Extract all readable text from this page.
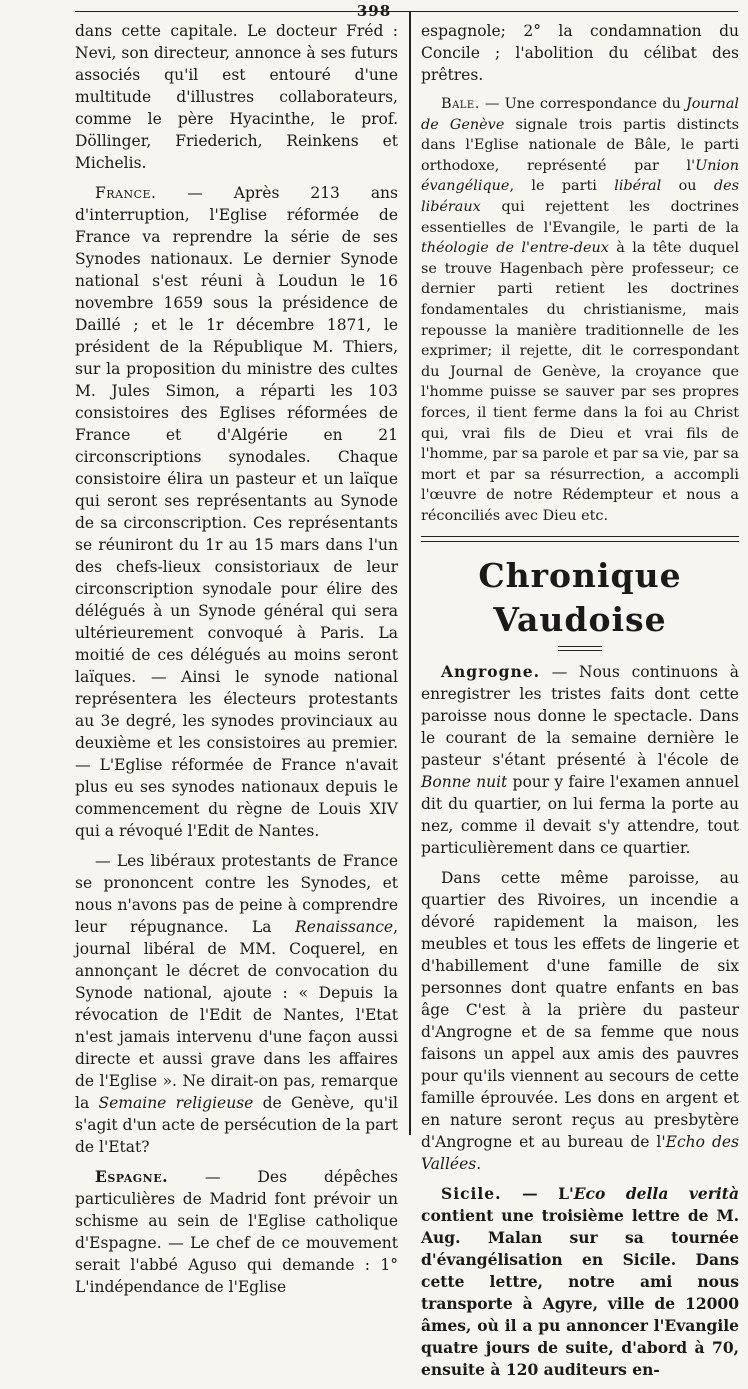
398

dans cette capitale. Le docteur Fréd : Nevi, son directeur, annonce à ses futurs associés qu'il est entouré d'une multitude d'illustres collaborateurs, comme le père Hyacinthe, le prof. Döllinger, Friederich, Reinkens et Michelis.

France. — Après 213 ans d'interruption, l'Eglise réformée de France va reprendre la série de ses Synodes nationaux. Le dernier Synode national s'est réuni à Loudun le 16 novembre 1659 sous la présidence de Daillé ; et le 1r décembre 1871, le président de la République M. Thiers, sur la proposition du ministre des cultes M. Jules Simon, a réparti les 103 consistoires des Eglises réformées de France et d'Algérie en 21 circonscriptions synodales. Chaque consistoire élira un pasteur et un laïque qui seront ses représentants au Synode de sa circonscription. Ces représentants se réuniront du 1r au 15 mars dans l'un des chefs-lieux consistoriaux de leur circonscription synodale pour élire des délégués à un Synode général qui sera ultérieurement convoqué à Paris. La moitié de ces délégués au moins seront laïques. — Ainsi le synode national représentera les électeurs protestants au 3e degré, les synodes provinciaux au deuxième et les consistoires au premier. — L'Eglise réformée de France n'avait plus eu ses synodes nationaux depuis le commencement du règne de Louis XIV qui a révoqué l'Edit de Nantes.

— Les libéraux protestants de France se prononcent contre les Synodes, et nous n'avons pas de peine à comprendre leur répugnance. La Renaissance, journal libéral de MM. Coquerel, en annonçant le décret de convocation du Synode national, ajoute : « Depuis la révocation de l'Edit de Nantes, l'Etat n'est jamais intervenu d'une façon aussi directe et aussi grave dans les affaires de l'Eglise ». Ne dirait-on pas, remarque la Semaine religieuse de Genève, qu'il s'agit d'un acte de persécution de la part de l'Etat?

Espagne. — Des dépêches particulières de Madrid font prévoir un schisme au sein de l'Eglise catholique d'Espagne. — Le chef de ce mouvement serait l'abbé Aguso qui demande : 1° L'indépendance de l'Eglise

espagnole; 2° la condamnation du Concile ; l'abolition du célibat des prêtres.

Bale. — Une correspondance du Journal de Genève signale trois partis distincts dans l'Eglise nationale de Bâle, le parti orthodoxe, représenté par l'Union évangélique, le parti libéral ou des libéraux qui rejettent les doctrines essentielles de l'Evangile, le parti de la théologie de l'entre-deux à la tête duquel se trouve Hagenbach père professeur; ce dernier parti retient les doctrines fondamentales du christianisme, mais repousse la manière traditionnelle de les exprimer; il rejette, dit le correspondant du Journal de Genève, la croyance que l'homme puisse se sauver par ses propres forces, il tient ferme dans la foi au Christ qui, vrai fils de Dieu et vrai fils de l'homme, par sa parole et par sa vie, par sa mort et par sa résurrection, a accompli l'œuvre de notre Rédempteur et nous a réconciliés avec Dieu etc.

Chronique Vaudoise

Angrogne. — Nous continuons à enregistrer les tristes faits dont cette paroisse nous donne le spectacle. Dans le courant de la semaine dernière le pasteur s'étant présenté à l'école de Bonne nuit pour y faire l'examen annuel dit du quartier, on lui ferma la porte au nez, comme il devait s'y attendre, tout particulièrement dans ce quartier.

Dans cette même paroisse, au quartier des Rivoires, un incendie a dévoré rapidement la maison, les meubles et tous les effets de lingerie et d'habillement d'une famille de six personnes dont quatre enfants en bas âge C'est à la prière du pasteur d'Angrogne et de sa femme que nous faisons un appel aux amis des pauvres pour qu'ils viennent au secours de cette famille éprouvée. Les dons en argent et en nature seront reçus au presbytère d'Angrogne et au bureau de l'Echo des Vallées.

Sicile. — L'Eco della verità contient une troisième lettre de M. Aug. Malan sur sa tournée d'évangélisation en Sicile. Dans cette lettre, notre ami nous transporte à Agyre, ville de 12000 âmes, où il a pu annoncer l'Evangile quatre jours de suite, d'abord à 70, ensuite à 120 auditeurs en-
